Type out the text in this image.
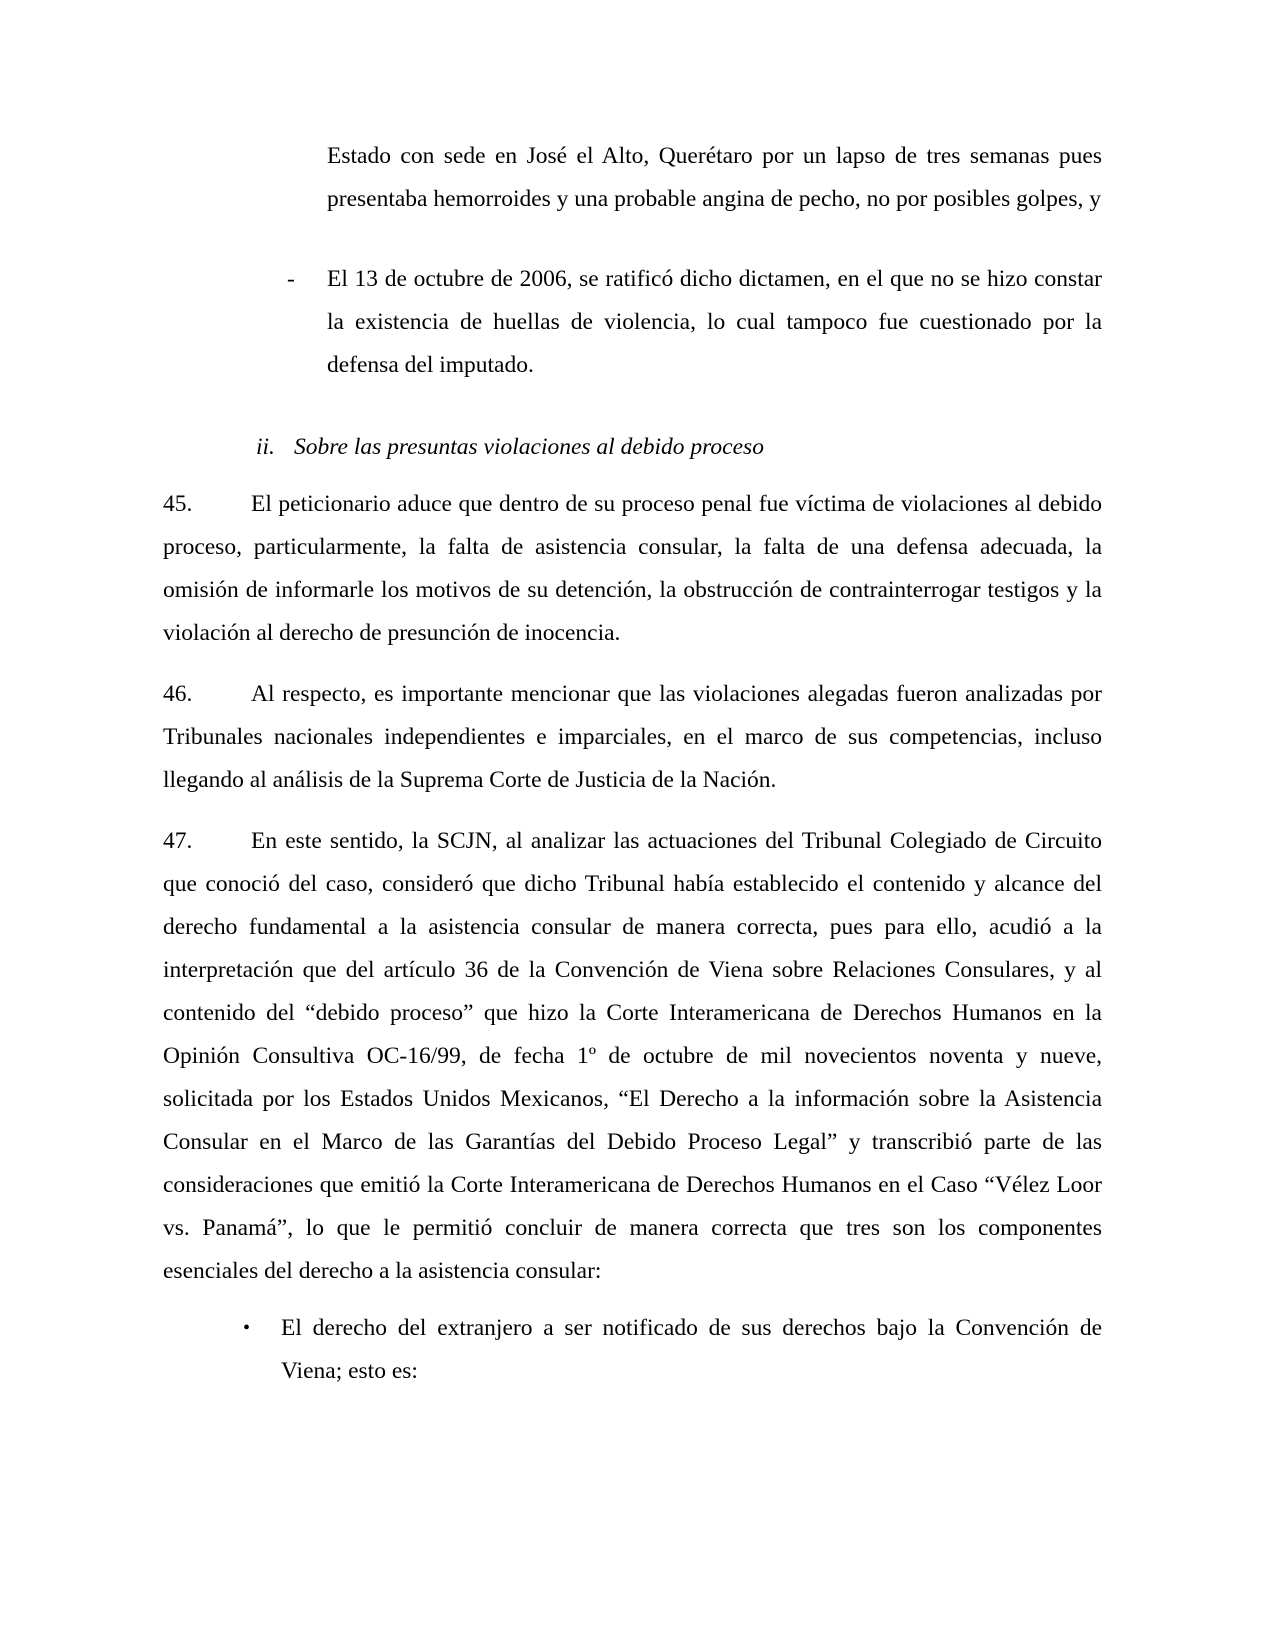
Estado con sede en José el Alto, Querétaro por un lapso de tres semanas pues presentaba hemorroides y una probable angina de pecho, no por posibles golpes, y
- El 13 de octubre de 2006, se ratificó dicho dictamen, en el que no se hizo constar la existencia de huellas de violencia, lo cual tampoco fue cuestionado por la defensa del imputado.
ii. Sobre las presuntas violaciones al debido proceso
El peticionario aduce que dentro de su proceso penal fue víctima de violaciones al debido proceso, particularmente, la falta de asistencia consular, la falta de una defensa adecuada, la omisión de informarle los motivos de su detención, la obstrucción de contrainterrogar testigos y la violación al derecho de presunción de inocencia.
45.
Al respecto, es importante mencionar que las violaciones alegadas fueron analizadas por Tribunales nacionales independientes e imparciales, en el marco de sus competencias, incluso llegando al análisis de la Suprema Corte de Justicia de la Nación.
46.
En este sentido, la SCJN, al analizar las actuaciones del Tribunal Colegiado de Circuito que conoció del caso, consideró que dicho Tribunal había establecido el contenido y alcance del derecho fundamental a la asistencia consular de manera correcta, pues para ello, acudió a la interpretación que del artículo 36 de la Convención de Viena sobre Relaciones Consulares, y al contenido del “debido proceso” que hizo la Corte Interamericana de Derechos Humanos en la Opinión Consultiva OC-16/99, de fecha 1º de octubre de mil novecientos noventa y nueve, solicitada por los Estados Unidos Mexicanos, “El Derecho a la información sobre la Asistencia Consular en el Marco de las Garantías del Debido Proceso Legal” y transcribió parte de las consideraciones que emitió la Corte Interamericana de Derechos Humanos en el Caso “Vélez Loor vs. Panamá”, lo que le permitió concluir de manera correcta que tres son los componentes esenciales del derecho a la asistencia consular:
47.
• El derecho del extranjero a ser notificado de sus derechos bajo la Convención de Viena; esto es:
